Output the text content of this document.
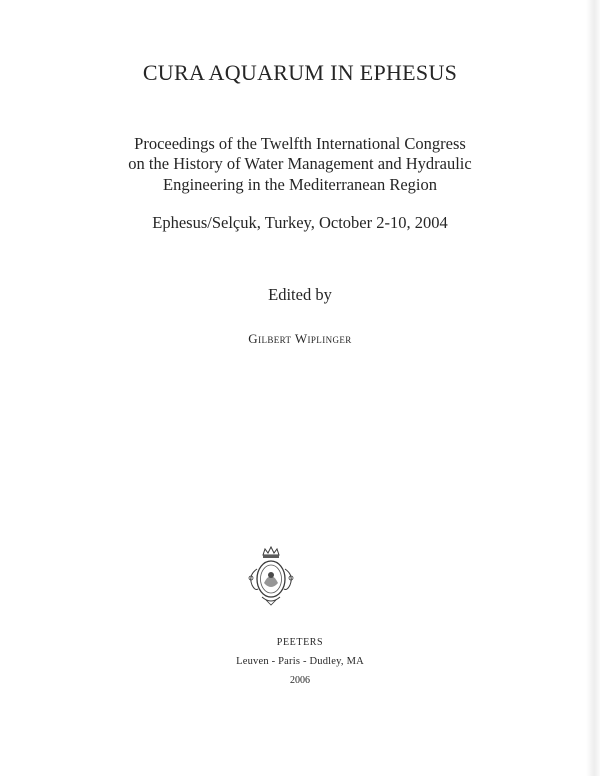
CURA AQUARUM IN EPHESUS
Proceedings of the Twelfth International Congress
on the History of Water Management and Hydraulic
Engineering in the Mediterranean Region
Ephesus/Selçuk, Turkey, October 2-10, 2004
Edited by
Gilbert Wiplinger
PEETERS
Leuven - Paris - Dudley, MA
2006
